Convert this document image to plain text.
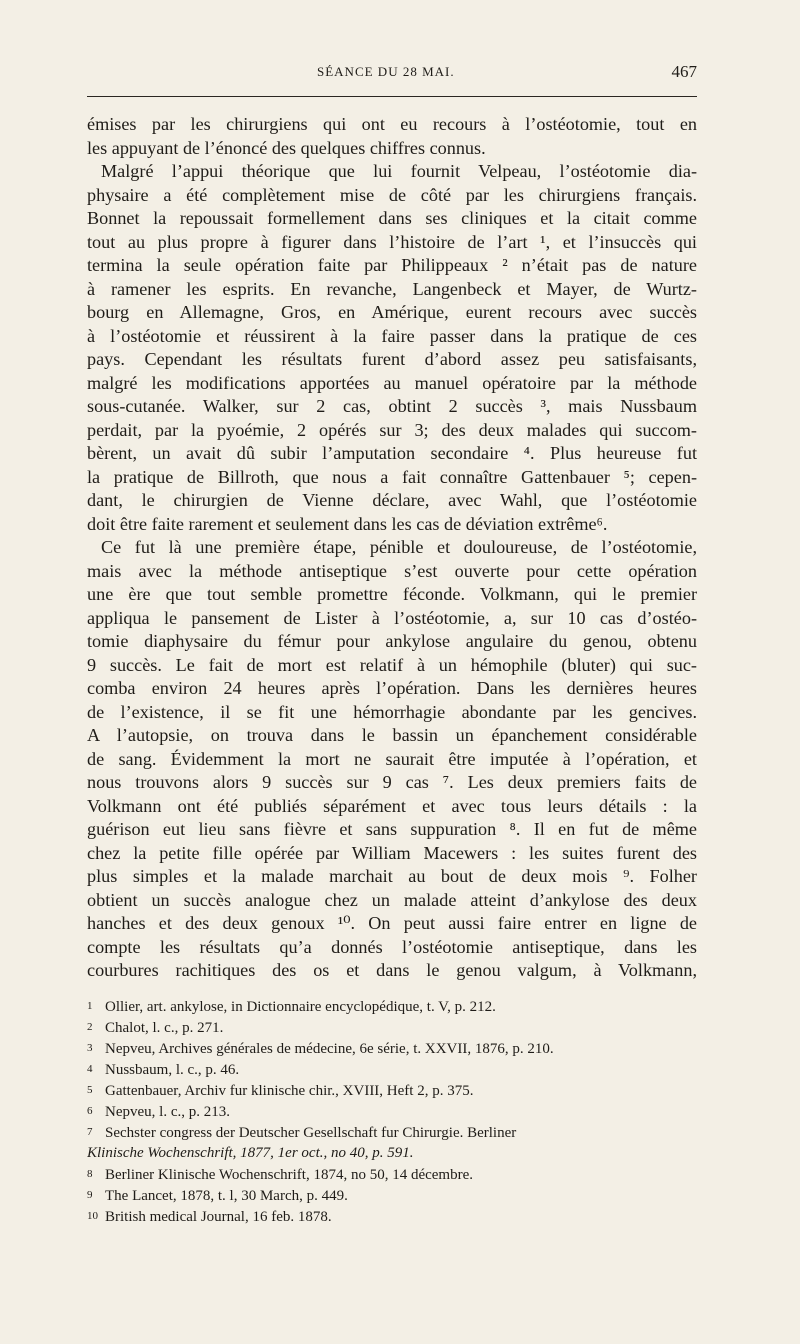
SÉANCE DU 28 MAI.	467
émises par les chirurgiens qui ont eu recours à l’ostéotomie, tout en
les appuyant de l’énoncé des quelques chiffres connus.
Malgré l’appui théorique que lui fournit Velpeau, l’ostéotomie dia-
physaire a été complètement mise de côté par les chirurgiens français.
Bonnet la repoussait formellement dans ses cliniques et la citait comme
tout au plus propre à figurer dans l’histoire de l’art ¹, et l’insuccès qui
termina la seule opération faite par Philippeaux ² n’était pas de nature
à ramener les esprits. En revanche, Langenbeck et Mayer, de Wurtz-
bourg en Allemagne, Gros, en Amérique, eurent recours avec succès
à l’ostéotomie et réussirent à la faire passer dans la pratique de ces
pays. Cependant les résultats furent d’abord assez peu satisfaisants,
malgré les modifications apportées au manuel opératoire par la méthode
sous-cutanée. Walker, sur 2 cas, obtint 2 succès ³, mais Nussbaum
perdait, par la pyoémie, 2 opérés sur 3; des deux malades qui succom-
bèrent, un avait dû subir l’amputation secondaire ⁴. Plus heureuse fut
la pratique de Billroth, que nous a fait connaître Gattenbauer ⁵; cepen-
dant, le chirurgien de Vienne déclare, avec Wahl, que l’ostéotomie
doit être faite rarement et seulement dans les cas de déviation extrême⁶.
Ce fut là une première étape, pénible et douloureuse, de l’ostéotomie,
mais avec la méthode antiseptique s’est ouverte pour cette opération
une ère que tout semble promettre féconde. Volkmann, qui le premier
appliqua le pansement de Lister à l’ostéotomie, a, sur 10 cas d’ostéo-
tomie diaphysaire du fémur pour ankylose angulaire du genou, obtenu
9 succès. Le fait de mort est relatif à un hémophile (bluter) qui suc-
comba environ 24 heures après l’opération. Dans les dernières heures
de l’existence, il se fit une hémorrhagie abondante par les gencives.
A l’autopsie, on trouva dans le bassin un épanchement considérable
de sang. Évidemment la mort ne saurait être imputée à l’opération, et
nous trouvons alors 9 succès sur 9 cas ⁷. Les deux premiers faits de
Volkmann ont été publiés séparément et avec tous leurs détails : la
guérison eut lieu sans fièvre et sans suppuration ⁸. Il en fut de même
chez la petite fille opérée par William Macewers : les suites furent des
plus simples et la malade marchait au bout de deux mois ⁹. Folher
obtient un succès analogue chez un malade atteint d’ankylose des deux
hanches et des deux genoux ¹⁰. On peut aussi faire entrer en ligne de
compte les résultats qu’a donnés l’ostéotomie antiseptique, dans les
courbures rachitiques des os et dans le genou valgum, à Volkmann,
1 Ollier, art. ankylose, in Dictionnaire encyclopédique, t. V, p. 212.
2 Chalot, l. c., p. 271.
3 Nepveu, Archives générales de médecine, 6e série, t. XXVII, 1876, p. 210.
4 Nussbaum, l. c., p. 46.
5 Gattenbauer, Archiv fur klinische chir., XVIII, Heft 2, p. 375.
6 Nepveu, l. c., p. 213.
7 Sechster congress der Deutscher Gesellschaft fur Chirurgie. Berliner
Klinische Wochenschrift, 1877, 1er oct., no 40, p. 591.
8 Berliner Klinische Wochenschrift, 1874, no 50, 14 décembre.
9 The Lancet, 1878, t. l, 30 March, p. 449.
10 British medical Journal, 16 feb. 1878.
